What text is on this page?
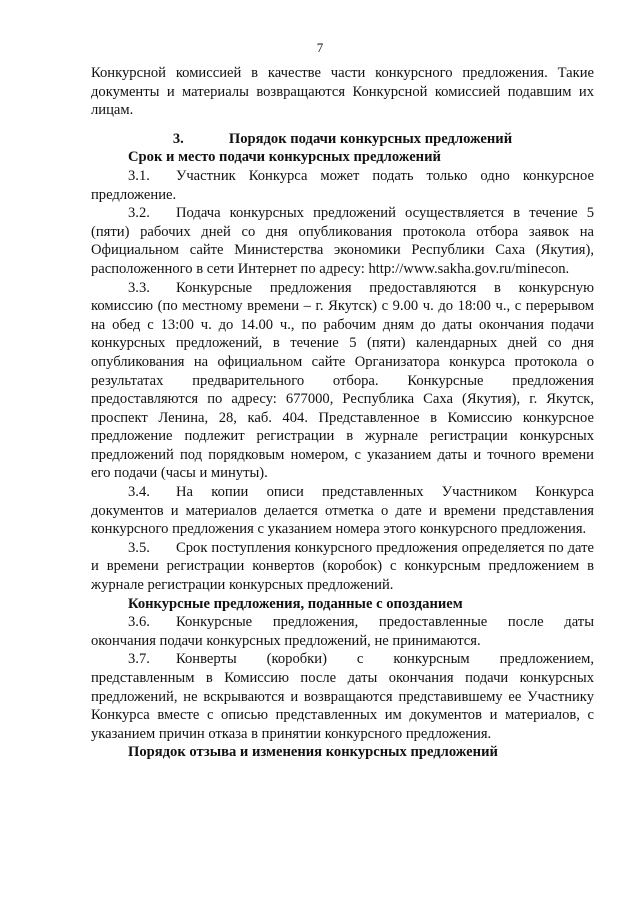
7

Конкурсной комиссией в качестве части конкурсного предложения. Такие документы и материалы возвращаются Конкурсной комиссией подавшим их лицам.

3.	Порядок подачи конкурсных предложений

Срок и место подачи конкурсных предложений

3.1. Участник Конкурса может подать только одно конкурсное предложение.

3.2. Подача конкурсных предложений осуществляется в течение 5 (пяти) рабочих дней со дня опубликования протокола отбора заявок на Официальном сайте Министерства экономики Республики Саха (Якутия), расположенного в сети Интернет по адресу: http://www.sakha.gov.ru/minecon.

3.3. Конкурсные предложения предоставляются в конкурсную комиссию (по местному времени – г. Якутск) с 9.00 ч. до 18:00 ч., с перерывом на обед с 13:00 ч. до 14.00 ч., по рабочим дням до даты окончания подачи конкурсных предложений, в течение 5 (пяти) календарных дней со дня опубликования на официальном сайте Организатора конкурса протокола о результатах предварительного отбора. Конкурсные предложения предоставляются по адресу: 677000, Республика Саха (Якутия), г. Якутск, проспект Ленина, 28, каб. 404. Представленное в Комиссию конкурсное предложение подлежит регистрации в журнале регистрации конкурсных предложений под порядковым номером, с указанием даты и точного времени его подачи (часы и минуты).

3.4. На копии описи представленных Участником Конкурса документов и материалов делается отметка о дате и времени представления конкурсного предложения с указанием номера этого конкурсного предложения.

3.5. Срок поступления конкурсного предложения определяется по дате и времени регистрации конвертов (коробок) с конкурсным предложением в журнале регистрации конкурсных предложений.

Конкурсные предложения, поданные с опозданием

3.6. Конкурсные предложения, предоставленные после даты окончания подачи конкурсных предложений, не принимаются.

3.7. Конверты (коробки) с конкурсным предложением, представленным в Комиссию после даты окончания подачи конкурсных предложений, не вскрываются и возвращаются представившему ее Участнику Конкурса вместе с описью представленных им документов и материалов, с указанием причин отказа в принятии конкурсного предложения.

Порядок отзыва и изменения конкурсных предложений
